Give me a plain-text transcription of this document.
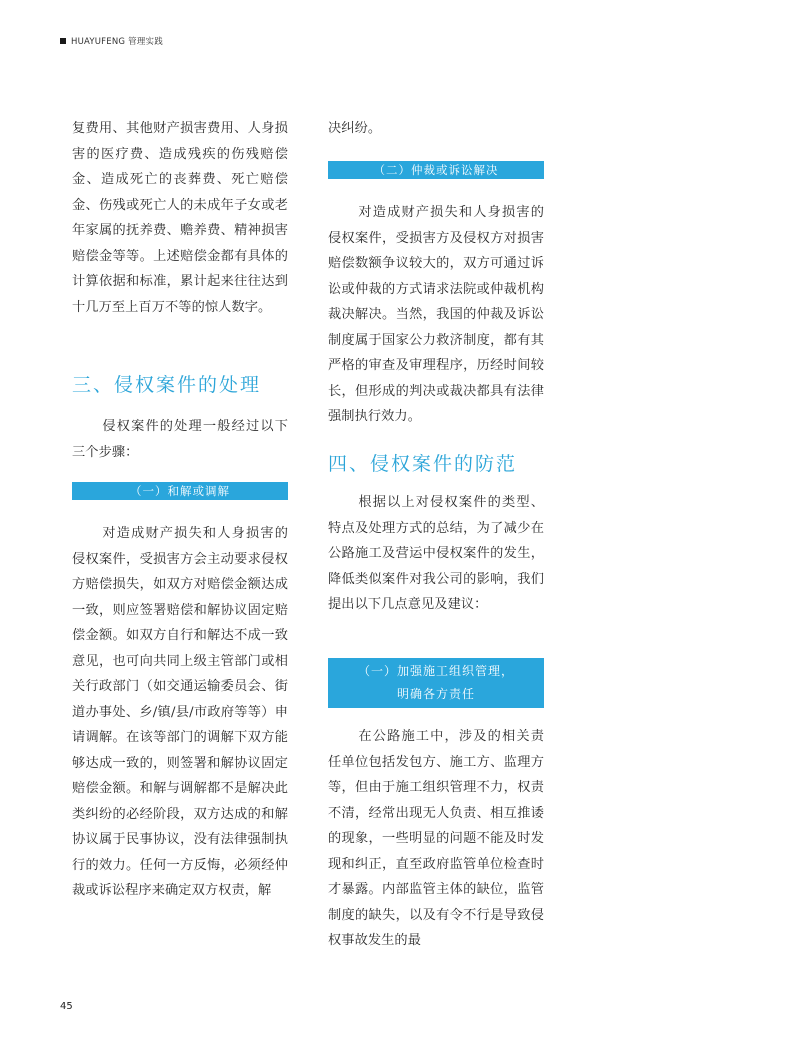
HUAYUFENG 管理实践

复费用、其他财产损害费用、人身损害的医疗费、造成残疾的伤残赔偿金、造成死亡的丧葬费、死亡赔偿金、伤残或死亡人的未成年子女或老年家属的抚养费、赡养费、精神损害赔偿金等等。上述赔偿金都有具体的计算依据和标准，累计起来往往达到十几万至上百万不等的惊人数字。

三、侵权案件的处理

侵权案件的处理一般经过以下三个步骤：

（一）和解或调解

对造成财产损失和人身损害的侵权案件，受损害方会主动要求侵权方赔偿损失，如双方对赔偿金额达成一致，则应签署赔偿和解协议固定赔偿金额。如双方自行和解达不成一致意见，也可向共同上级主管部门或相关行政部门（如交通运输委员会、街道办事处、乡/镇/县/市政府等等）申请调解。在该等部门的调解下双方能够达成一致的，则签署和解协议固定赔偿金额。和解与调解都不是解决此类纠纷的必经阶段，双方达成的和解协议属于民事协议，没有法律强制执行的效力。任何一方反悔，必须经仲裁或诉讼程序来确定双方权责，解

决纠纷。

（二）仲裁或诉讼解决

对造成财产损失和人身损害的侵权案件，受损害方及侵权方对损害赔偿数额争议较大的，双方可通过诉讼或仲裁的方式请求法院或仲裁机构裁决解决。当然，我国的仲裁及诉讼制度属于国家公力救济制度，都有其严格的审查及审理程序，历经时间较长，但形成的判决或裁决都具有法律强制执行效力。

四、侵权案件的防范

根据以上对侵权案件的类型、特点及处理方式的总结，为了减少在公路施工及营运中侵权案件的发生，降低类似案件对我公司的影响，我们提出以下几点意见及建议：

（一）加强施工组织管理，
明确各方责任

在公路施工中，涉及的相关责任单位包括发包方、施工方、监理方等，但由于施工组织管理不力，权责不清，经常出现无人负责、相互推诿的现象，一些明显的问题不能及时发现和纠正，直至政府监管单位检查时才暴露。内部监管主体的缺位，监管制度的缺失，以及有令不行是导致侵权事故发生的最

45
